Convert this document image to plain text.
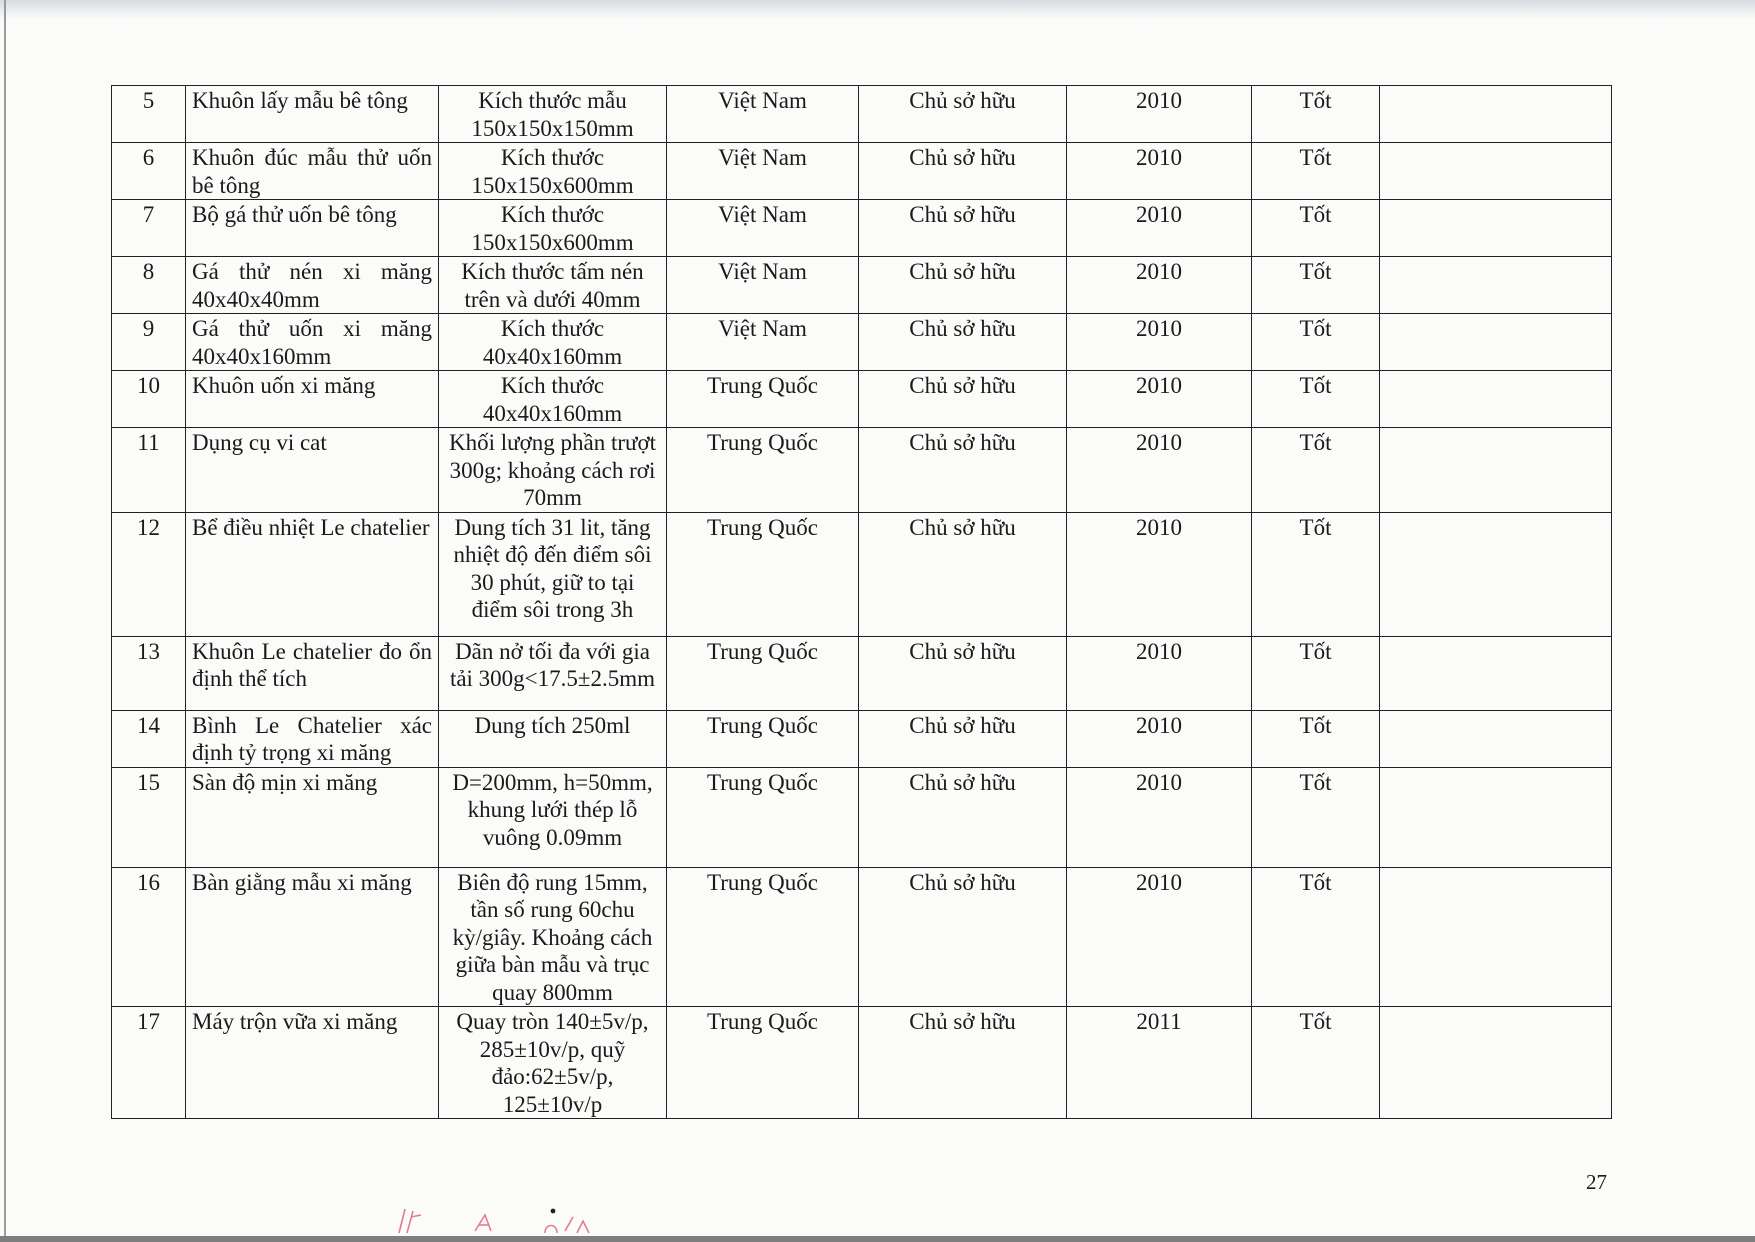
5	Khuôn lấy mẫu bê tông	Kích thước mẫu 150x150x150mm	Việt Nam	Chủ sở hữu	2010	Tốt	
6	Khuôn đúc mẫu thử uốn bê tông	Kích thước 150x150x600mm	Việt Nam	Chủ sở hữu	2010	Tốt	
7	Bộ gá thử uốn bê tông	Kích thước 150x150x600mm	Việt Nam	Chủ sở hữu	2010	Tốt	
8	Gá thử nén xi măng 40x40x40mm	Kích thước tấm nén trên và dưới 40mm	Việt Nam	Chủ sở hữu	2010	Tốt	
9	Gá thử uốn xi măng 40x40x160mm	Kích thước 40x40x160mm	Việt Nam	Chủ sở hữu	2010	Tốt	
10	Khuôn uốn xi măng	Kích thước 40x40x160mm	Trung Quốc	Chủ sở hữu	2010	Tốt	
11	Dụng cụ vi cat	Khối lượng phần trượt 300g; khoảng cách rơi 70mm	Trung Quốc	Chủ sở hữu	2010	Tốt	
12	Bể điều nhiệt Le chatelier	Dung tích 31 lit, tăng nhiệt độ đến điểm sôi 30 phút, giữ to tại điểm sôi trong 3h	Trung Quốc	Chủ sở hữu	2010	Tốt	
13	Khuôn Le chatelier đo ổn định thể tích	Dãn nở tối đa với gia tải 300g<17.5±2.5mm	Trung Quốc	Chủ sở hữu	2010	Tốt	
14	Bình Le Chatelier xác định tỷ trọng xi măng	Dung tích 250ml	Trung Quốc	Chủ sở hữu	2010	Tốt	
15	Sàn độ mịn xi măng	D=200mm, h=50mm, khung lưới thép lỗ vuông 0.09mm	Trung Quốc	Chủ sở hữu	2010	Tốt	
16	Bàn giằng mẫu xi măng	Biên độ rung 15mm, tần số rung 60chu kỳ/giây. Khoảng cách giữa bàn mẫu và trục quay 800mm	Trung Quốc	Chủ sở hữu	2010	Tốt	
17	Máy trộn vữa xi măng	Quay tròn 140±5v/p, 285±10v/p, quỹ đảo:62±5v/p, 125±10v/p	Trung Quốc	Chủ sở hữu	2011	Tốt	
27
